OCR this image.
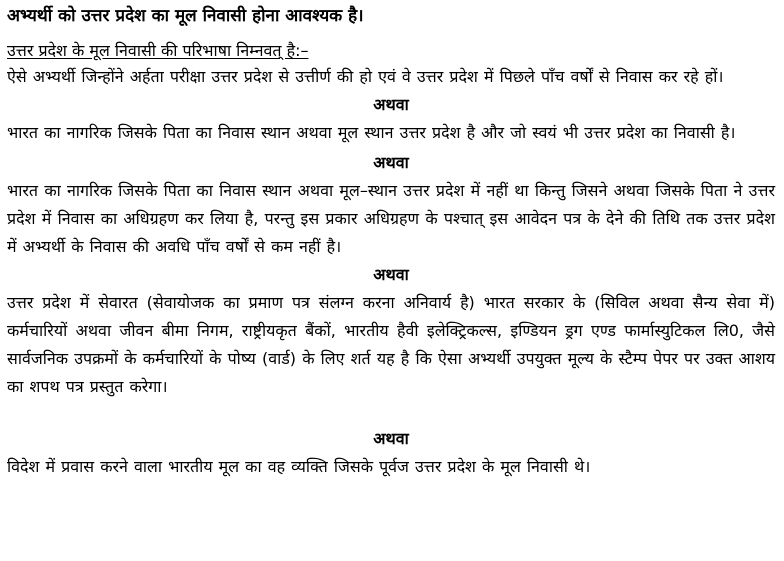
अभ्यर्थी को उत्तर प्रदेश का मूल निवासी होना आवश्यक है।

उत्तर प्रदेश के मूल निवासी की परिभाषा निम्नवत् है:–

ऐसे अभ्यर्थी जिन्होंने अर्हता परीक्षा उत्तर प्रदेश से उत्तीर्ण की हो एवं वे उत्तर प्रदेश में पिछले पाँच वर्षों से निवास कर रहे हों।

अथवा

भारत का नागरिक जिसके पिता का निवास स्थान अथवा मूल स्थान उत्तर प्रदेश है और जो स्वयं भी उत्तर प्रदेश का निवासी है।

अथवा

भारत का नागरिक जिसके पिता का निवास स्थान अथवा मूल–स्थान उत्तर प्रदेश में नहीं था किन्तु जिसने अथवा जिसके पिता ने उत्तर प्रदेश में निवास का अधिग्रहण कर लिया है, परन्तु इस प्रकार अधिग्रहण के पश्चात् इस आवेदन पत्र के देने की तिथि तक उत्तर प्रदेश में अभ्यर्थी के निवास की अवधि पाँच वर्षों से कम नहीं है।

अथवा

उत्तर प्रदेश में सेवारत (सेवायोजक का प्रमाण पत्र संलग्न करना अनिवार्य है) भारत सरकार के (सिविल अथवा सैन्य सेवा में) कर्मचारियों अथवा जीवन बीमा निगम, राष्ट्रीयकृत बैंकों, भारतीय हैवी इलेक्ट्रिकल्स, इण्डियन ड्रग एण्ड फार्मास्युटिकल लि0, जैसे सार्वजनिक उपक्रमों के कर्मचारियों के पोष्य (वार्ड) के लिए शर्त यह है कि ऐसा अभ्यर्थी उपयुक्त मूल्य के स्टैम्प पेपर पर उक्त आशय का शपथ पत्र प्रस्तुत करेगा।

अथवा

विदेश में प्रवास करने वाला भारतीय मूल का वह व्यक्ति जिसके पूर्वज उत्तर प्रदेश के मूल निवासी थे।
